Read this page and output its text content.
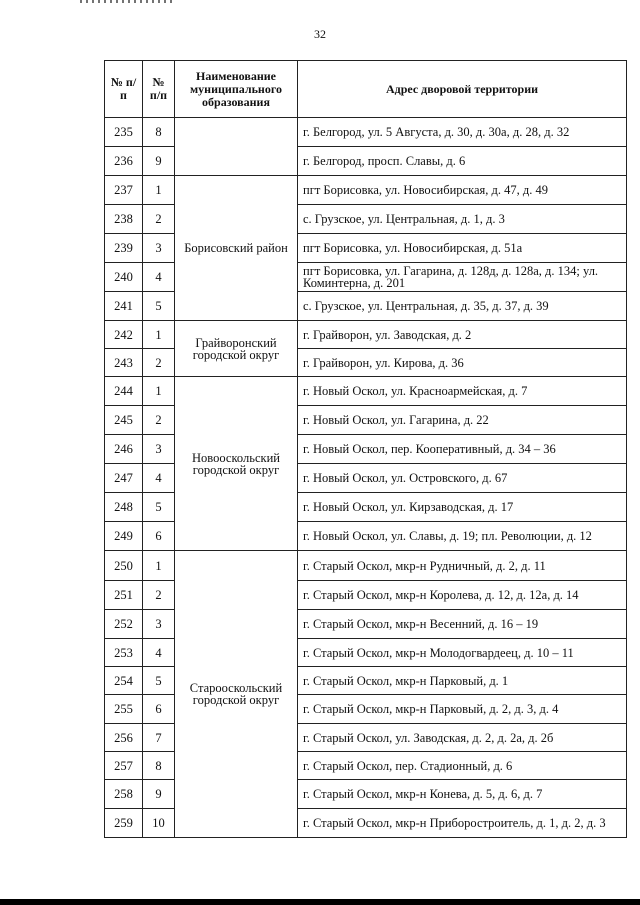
32
№ п/п	№ п/п	Наименование муниципального образования	Адрес дворовой территории
235	8		г. Белгород, ул. 5 Августа, д. 30, д. 30а, д. 28, д. 32
236	9		г. Белгород, просп. Славы, д. 6
237	1	Борисовский район	пгт Борисовка, ул. Новосибирская, д. 47, д. 49
238	2		с. Грузское, ул. Центральная, д. 1, д. 3
239	3		пгт Борисовка, ул. Новосибирская, д. 51а
240	4		пгт Борисовка, ул. Гагарина, д. 128д, д. 128а, д. 134; ул. Коминтерна, д. 201
241	5		с. Грузское, ул. Центральная, д. 35, д. 37, д. 39
242	1	Грайворонский городской округ	г. Грайворон, ул. Заводская, д. 2
243	2		г. Грайворон, ул. Кирова, д. 36
244	1	Новооскольский городской округ	г. Новый Оскол, ул. Красноармейская, д. 7
245	2		г. Новый Оскол, ул. Гагарина, д. 22
246	3		г. Новый Оскол, пер. Кооперативный, д. 34 – 36
247	4		г. Новый Оскол, ул. Островского, д. 67
248	5		г. Новый Оскол, ул. Кирзаводская, д. 17
249	6		г. Новый Оскол, ул. Славы, д. 19; пл. Революции, д. 12
250	1	Старооскольский городской округ	г. Старый Оскол, мкр-н Рудничный, д. 2, д. 11
251	2		г. Старый Оскол, мкр-н Королева, д. 12, д. 12а, д. 14
252	3		г. Старый Оскол, мкр-н Весенний, д. 16 – 19
253	4		г. Старый Оскол, мкр-н Молодогвардеец, д. 10 – 11
254	5		г. Старый Оскол, мкр-н Парковый, д. 1
255	6		г. Старый Оскол, мкр-н Парковый, д. 2, д. 3, д. 4
256	7		г. Старый Оскол, ул. Заводская, д. 2, д. 2а, д. 2б
257	8		г. Старый Оскол, пер. Стадионный, д. 6
258	9		г. Старый Оскол, мкр-н Конева, д. 5, д. 6, д. 7
259	10		г. Старый Оскол, мкр-н Приборостроитель, д. 1, д. 2, д. 3
